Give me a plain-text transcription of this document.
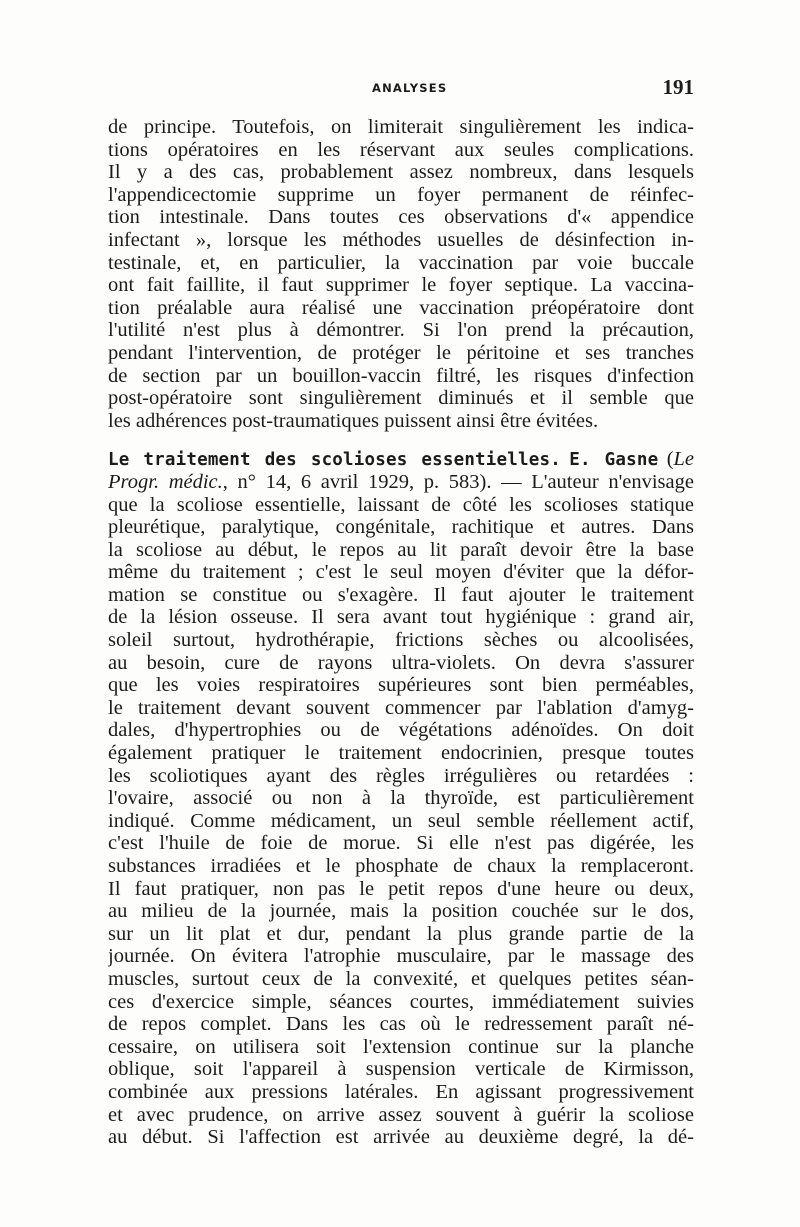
ANALYSES	191
de principe. Toutefois, on limiterait singulièrement les indica-
tions opératoires en les réservant aux seules complications.
Il y a des cas, probablement assez nombreux, dans lesquels
l'appendicectomie supprime un foyer permanent de réinfec-
tion intestinale. Dans toutes ces observations d'« appendice
infectant », lorsque les méthodes usuelles de désinfection in-
testinale, et, en particulier, la vaccination par voie buccale
ont fait faillite, il faut supprimer le foyer septique. La vaccina-
tion préalable aura réalisé une vaccination préopératoire dont
l'utilité n'est plus à démontrer. Si l'on prend la précaution,
pendant l'intervention, de protéger le péritoine et ses tranches
de section par un bouillon-vaccin filtré, les risques d'infection
post-opératoire sont singulièrement diminués et il semble que
les adhérences post-traumatiques puissent ainsi être évitées.
Le traitement des scolioses essentielles. E. Gasne (Le
Progr. médic., n° 14, 6 avril 1929, p. 583). — L'auteur n'envisage
que la scoliose essentielle, laissant de côté les scolioses statique
pleurétique, paralytique, congénitale, rachitique et autres. Dans
la scoliose au début, le repos au lit paraît devoir être la base
même du traitement ; c'est le seul moyen d'éviter que la défor-
mation se constitue ou s'exagère. Il faut ajouter le traitement
de la lésion osseuse. Il sera avant tout hygiénique : grand air,
soleil surtout, hydrothérapie, frictions sèches ou alcoolisées,
au besoin, cure de rayons ultra-violets. On devra s'assurer
que les voies respiratoires supérieures sont bien perméables,
le traitement devant souvent commencer par l'ablation d'amyg-
dales, d'hypertrophies ou de végétations adénoïdes. On doit
également pratiquer le traitement endocrinien, presque toutes
les scoliotiques ayant des règles irrégulières ou retardées :
l'ovaire, associé ou non à la thyroïde, est particulièrement
indiqué. Comme médicament, un seul semble réellement actif,
c'est l'huile de foie de morue. Si elle n'est pas digérée, les
substances irradiées et le phosphate de chaux la remplaceront.
Il faut pratiquer, non pas le petit repos d'une heure ou deux,
au milieu de la journée, mais la position couchée sur le dos,
sur un lit plat et dur, pendant la plus grande partie de la
journée. On évitera l'atrophie musculaire, par le massage des
muscles, surtout ceux de la convexité, et quelques petites séan-
ces d'exercice simple, séances courtes, immédiatement suivies
de repos complet. Dans les cas où le redressement paraît né-
cessaire, on utilisera soit l'extension continue sur la planche
oblique, soit l'appareil à suspension verticale de Kirmisson,
combinée aux pressions latérales. En agissant progressivement
et avec prudence, on arrive assez souvent à guérir la scoliose
au début. Si l'affection est arrivée au deuxième degré, la dé-
